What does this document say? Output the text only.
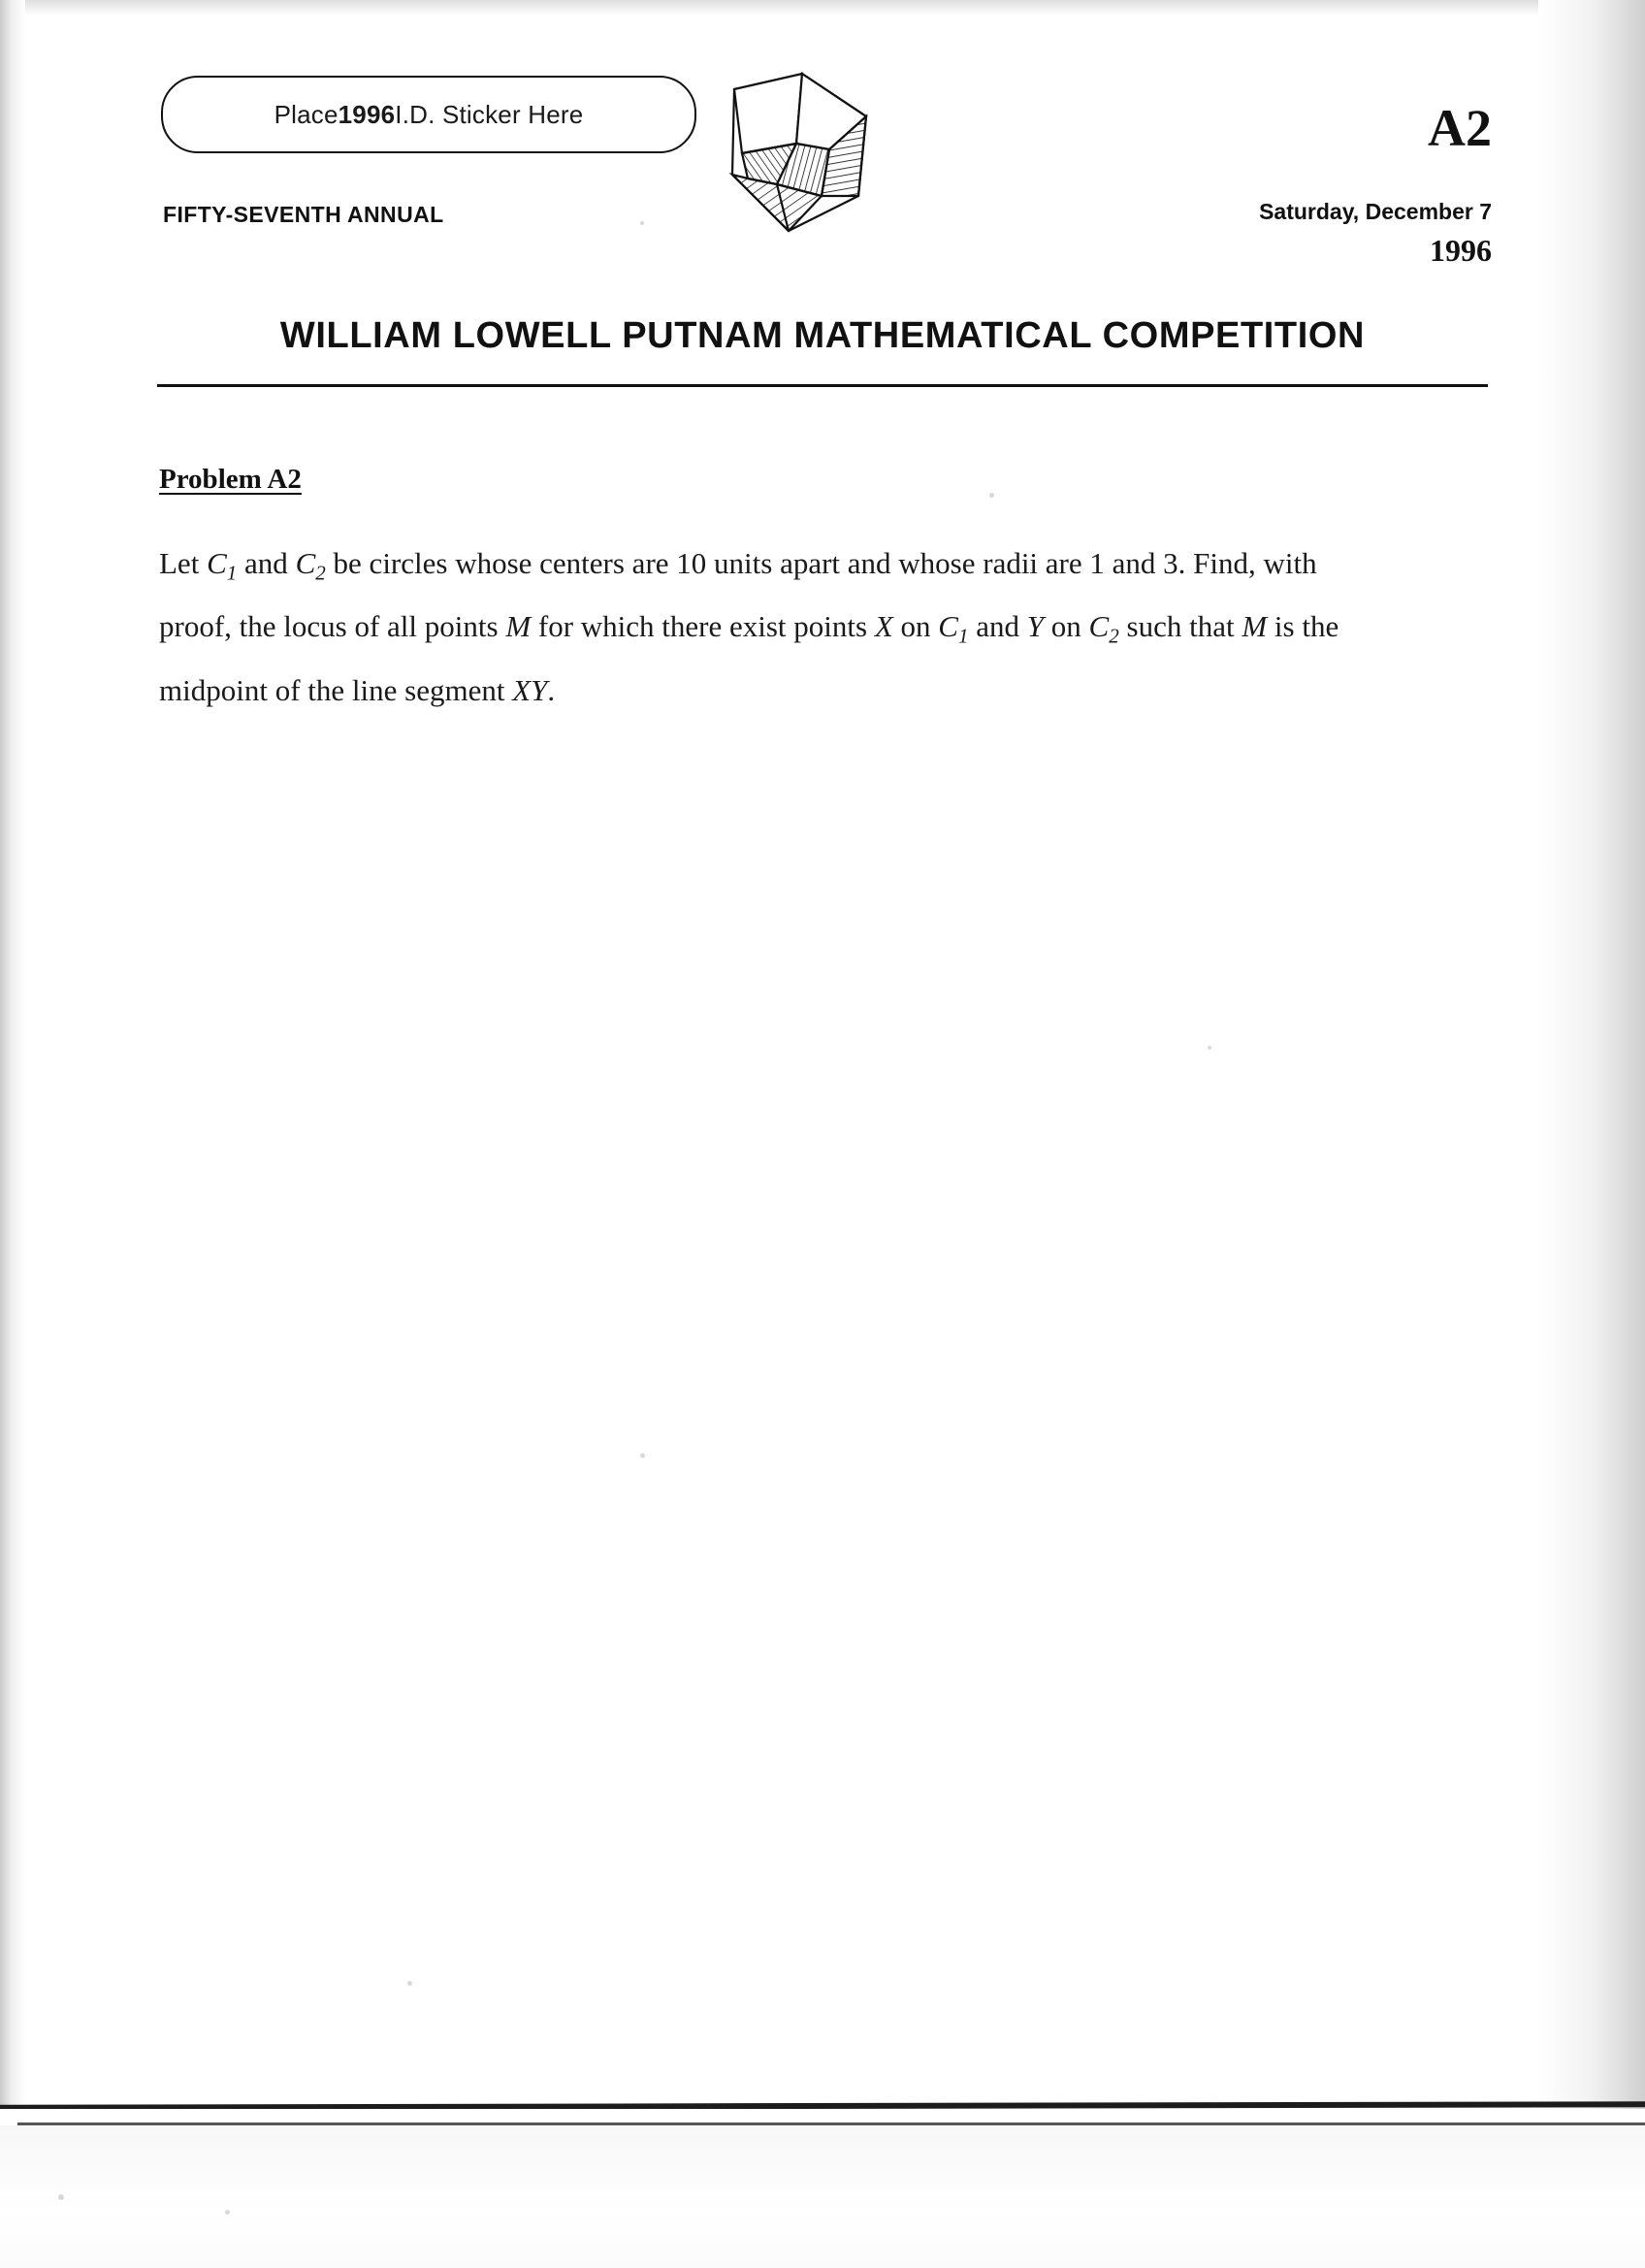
Place 1996 I.D. Sticker Here
FIFTY-SEVENTH ANNUAL
A2
Saturday, December 7
1996
WILLIAM LOWELL PUTNAM MATHEMATICAL COMPETITION
Problem A2
Let $C_1$ and $C_2$ be circles whose centers are 10 units apart and whose radii are 1 and 3. Find, with proof, the locus of all points M for which there exist points X on $C_1$ and Y on $C_2$ such that M is the midpoint of the line segment XY.
